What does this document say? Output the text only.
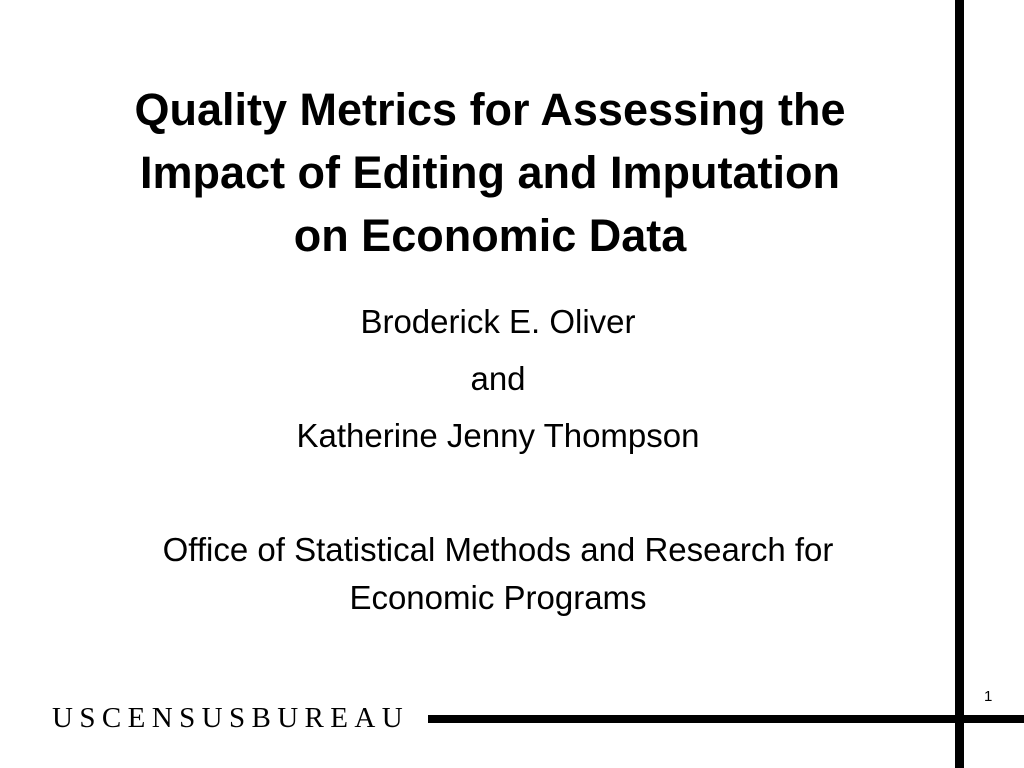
Quality Metrics for Assessing the
Impact of Editing and Imputation
on Economic Data
Broderick E. Oliver
and
Katherine Jenny Thompson
Office of Statistical Methods and Research for
Economic Programs
USCENSUSBUREAU
1
